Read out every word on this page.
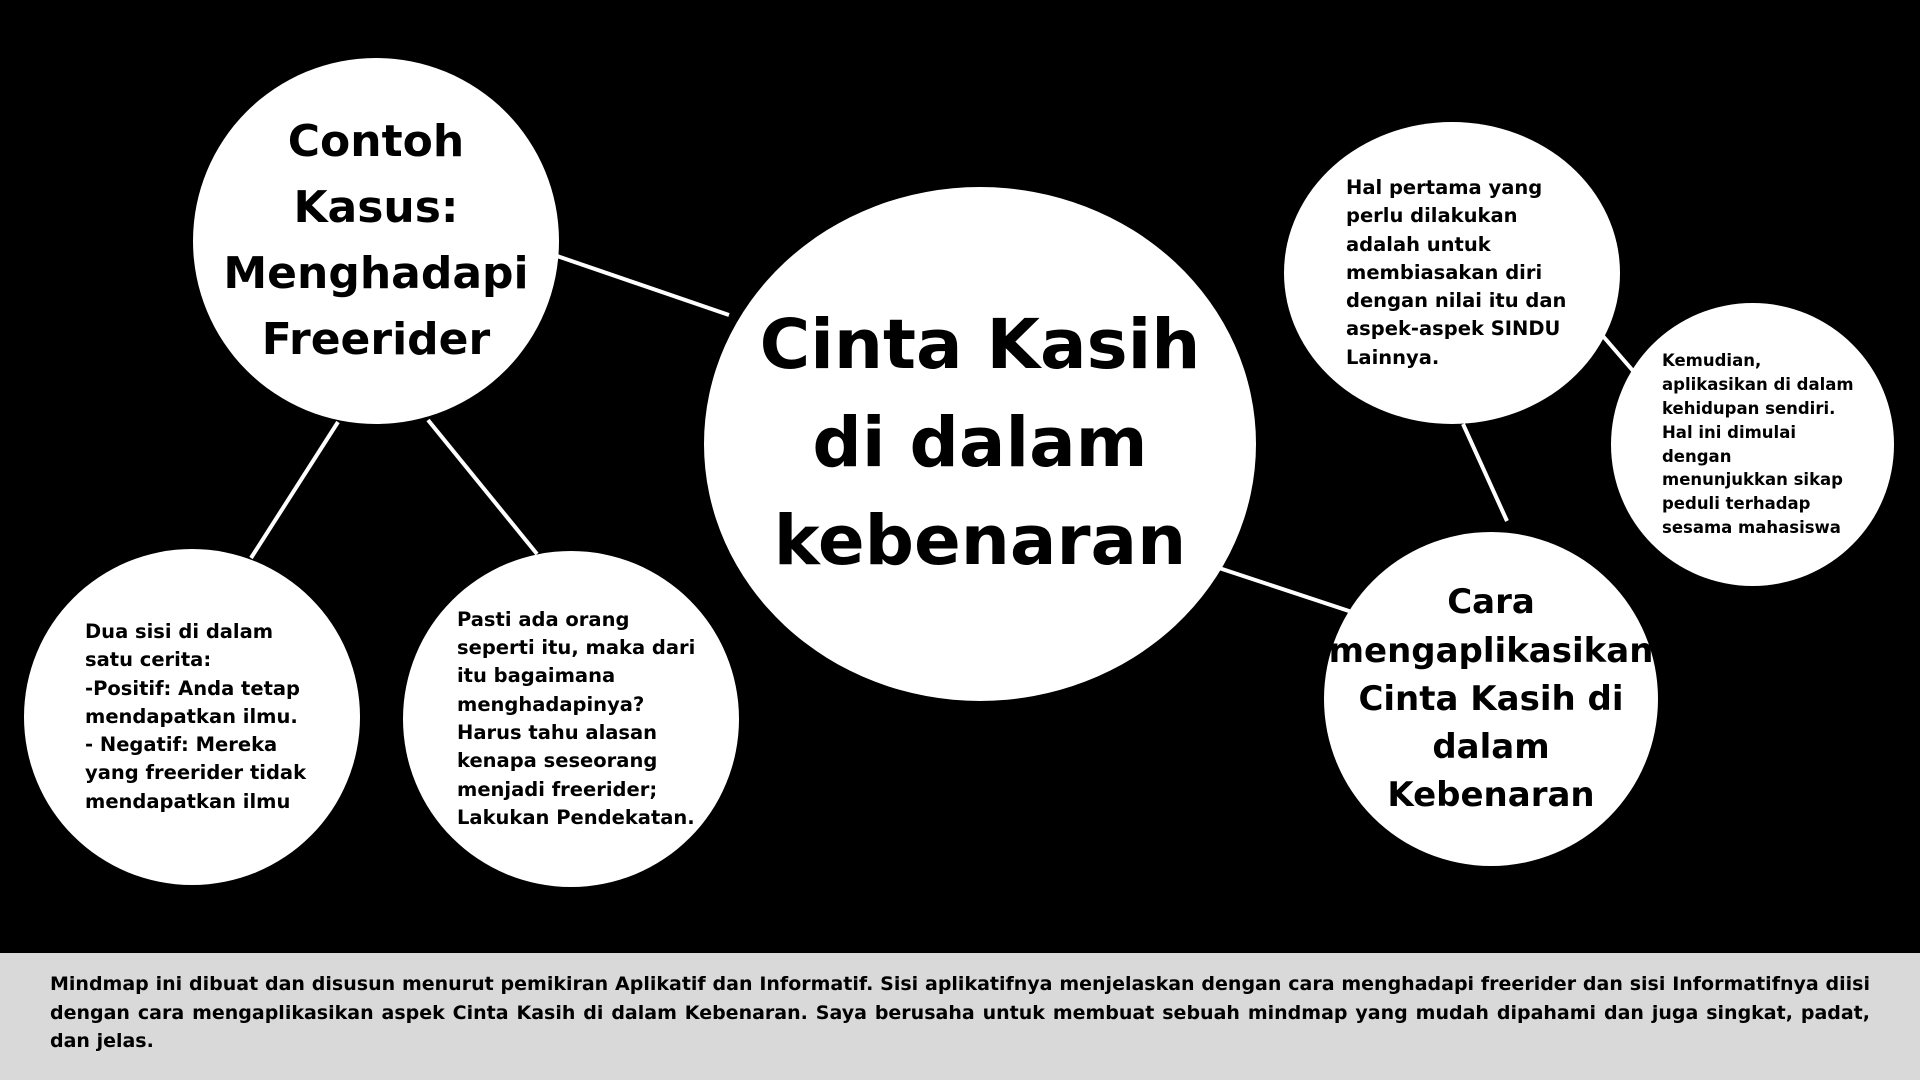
Contoh
Kasus:
Menghadapi
Freerider
Dua sisi di dalam
satu cerita:
-Positif: Anda tetap
mendapatkan ilmu.
- Negatif: Mereka
yang freerider tidak
mendapatkan ilmu
Pasti ada orang
seperti itu, maka dari
itu bagaimana
menghadapinya?
Harus tahu alasan
kenapa seseorang
menjadi freerider;
Lakukan Pendekatan.
Cinta Kasih
di dalam
kebenaran
Hal pertama yang
perlu dilakukan
adalah untuk
membiasakan diri
dengan nilai itu dan
aspek-aspek SINDU
Lainnya.	Kemudian,
aplikasikan di dalam
kehidupan sendiri.
Hal ini dimulai
dengan
menunjukkan sikap
peduli terhadap
sesama mahasiswa
Cara
mengaplikasikan
Cinta Kasih di
dalam
Kebenaran

Mindmap ini dibuat dan disusun menurut pemikiran Aplikatif dan Informatif. Sisi aplikatifnya menjelaskan dengan cara menghadapi freerider dan sisi Informatifnya diisi dengan cara mengaplikasikan aspek Cinta Kasih di dalam Kebenaran. Saya berusaha untuk membuat sebuah mindmap yang mudah dipahami dan juga singkat, padat, dan jelas.
